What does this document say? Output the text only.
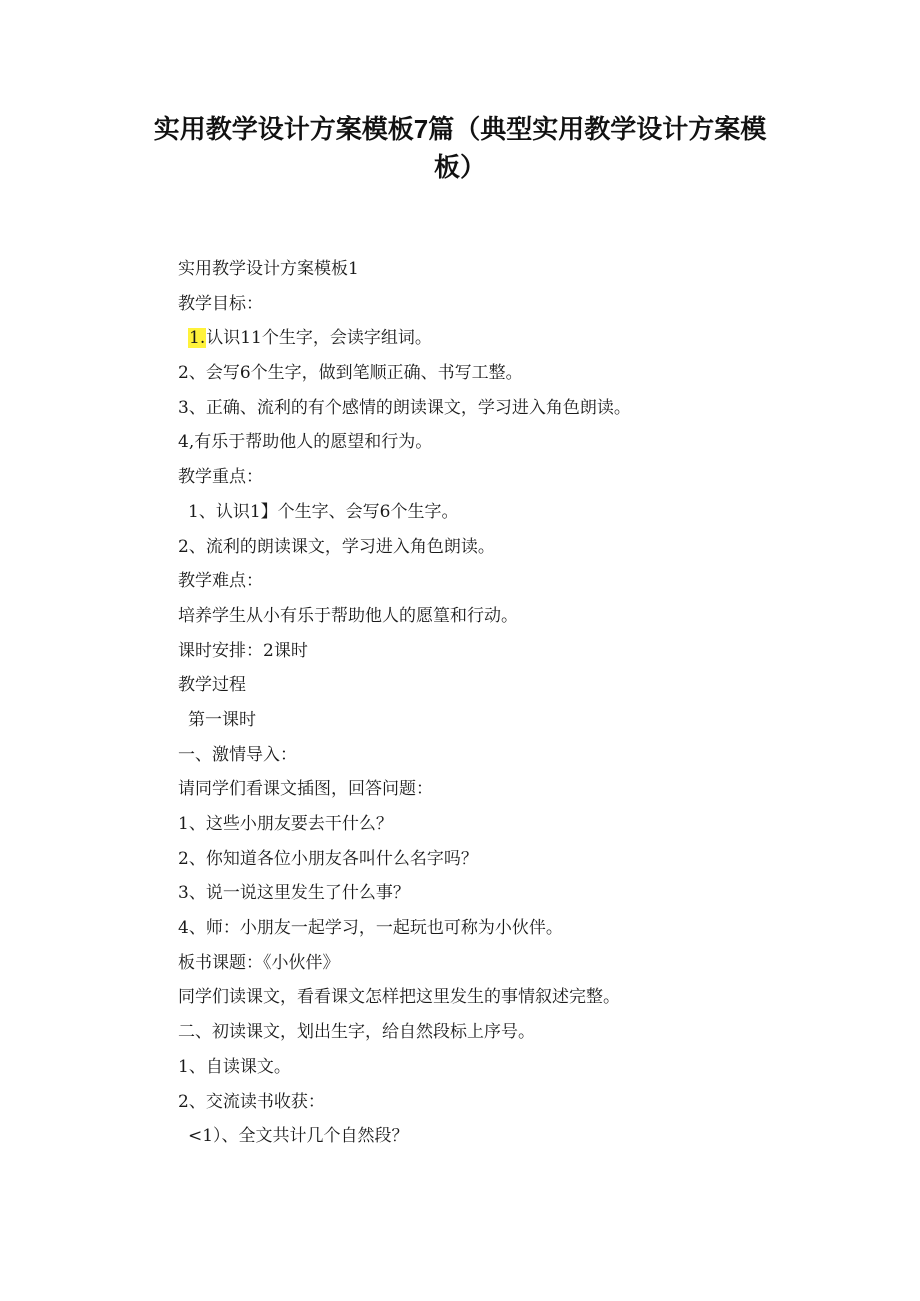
实用教学设计方案模板7篇（典型实用教学设计方案模板）
实用教学设计方案模板1
教学目标：
1.认识11个生字，会读字组词。
2、会写6个生字，做到笔顺正确、书写工整。
3、正确、流利的有个感情的朗读课文，学习进入角色朗读。
4,有乐于帮助他人的愿望和行为。
教学重点：
1、认识1】个生字、会写6个生字。
2、流利的朗读课文，学习进入角色朗读。
教学难点：
培养学生从小有乐于帮助他人的愿篁和行动。
课时安排：2课时
教学过程
第一课时
一、激情导入：
请同学们看课文插图，回答问题：
1、这些小朋友要去干什么？
2、你知道各位小朋友各叫什么名字吗？
3、说一说这里发生了什么事？
4、师：小朋友一起学习，一起玩也可称为小伙伴。
板书课题：《小伙伴》
同学们读课文，看看课文怎样把这里发生的事情叙述完整。
二、初读课文，划出生字，给自然段标上序号。
1、自读课文。
2、交流读书收获：
<1）、全文共计几个自然段？
